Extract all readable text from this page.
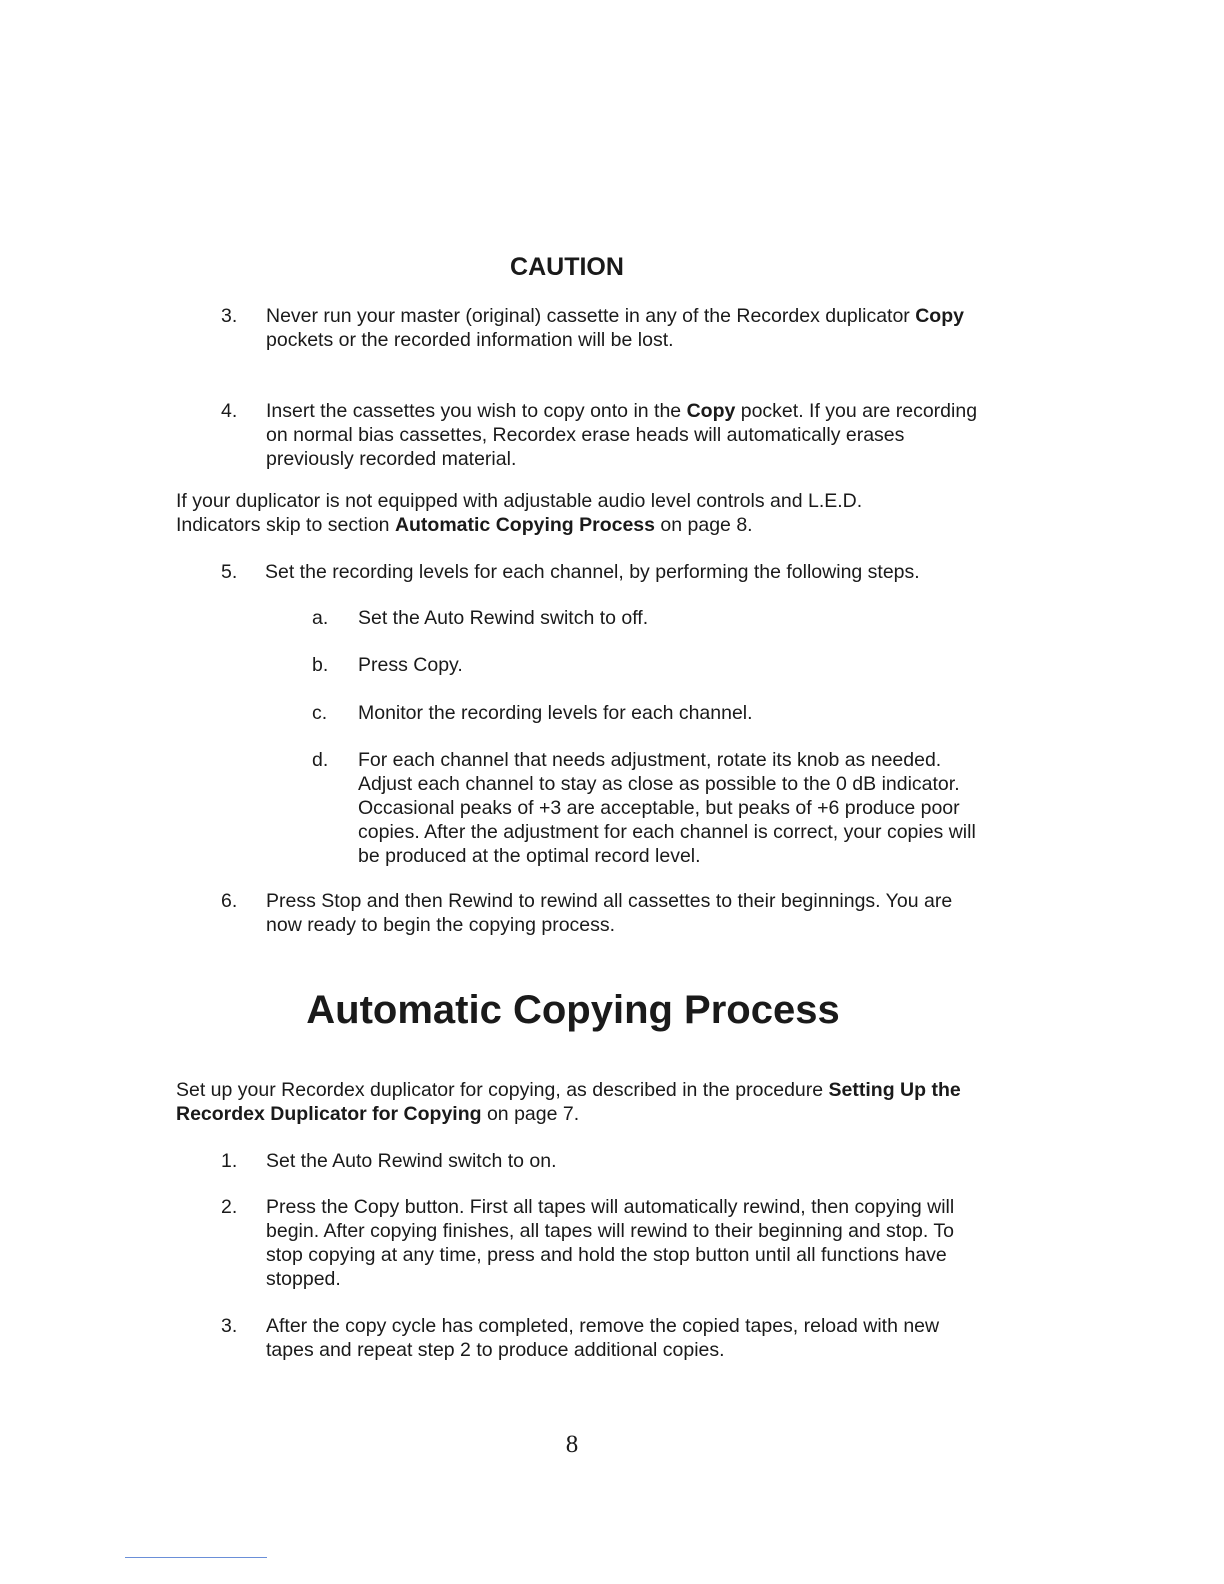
CAUTION
3.	Never run your master (original) cassette in any of the Recordex duplicator Copy pockets or the recorded information will be lost.
4.	Insert the cassettes you wish to copy onto in the Copy pocket. If you are recording on normal bias cassettes, Recordex erase heads will automatically erases previously recorded material.
If your duplicator is not equipped with adjustable audio level controls and L.E.D. Indicators skip to section Automatic Copying Process on page 8.
5.	Set the recording levels for each channel, by performing the following steps.
a.	Set the Auto Rewind switch to off.
b.	Press Copy.
c.	Monitor the recording levels for each channel.
d.	For each channel that needs adjustment, rotate its knob as needed. Adjust each channel to stay as close as possible to the 0 dB indicator. Occasional peaks of +3 are acceptable, but peaks of +6 produce poor copies. After the adjustment for each channel is correct, your copies will be produced at the optimal record level.
6.	Press Stop and then Rewind to rewind all cassettes to their beginnings. You are now ready to begin the copying process.
Automatic Copying Process
Set up your Recordex duplicator for copying, as described in the procedure Setting Up the Recordex Duplicator for Copying on page 7.
1.	Set the Auto Rewind switch to on.
2.	Press the Copy button. First all tapes will automatically rewind, then copying will begin. After copying finishes, all tapes will rewind to their beginning and stop. To stop copying at any time, press and hold the stop button until all functions have stopped.
3.	After the copy cycle has completed, remove the copied tapes, reload with new tapes and repeat step 2 to produce additional copies.
8
